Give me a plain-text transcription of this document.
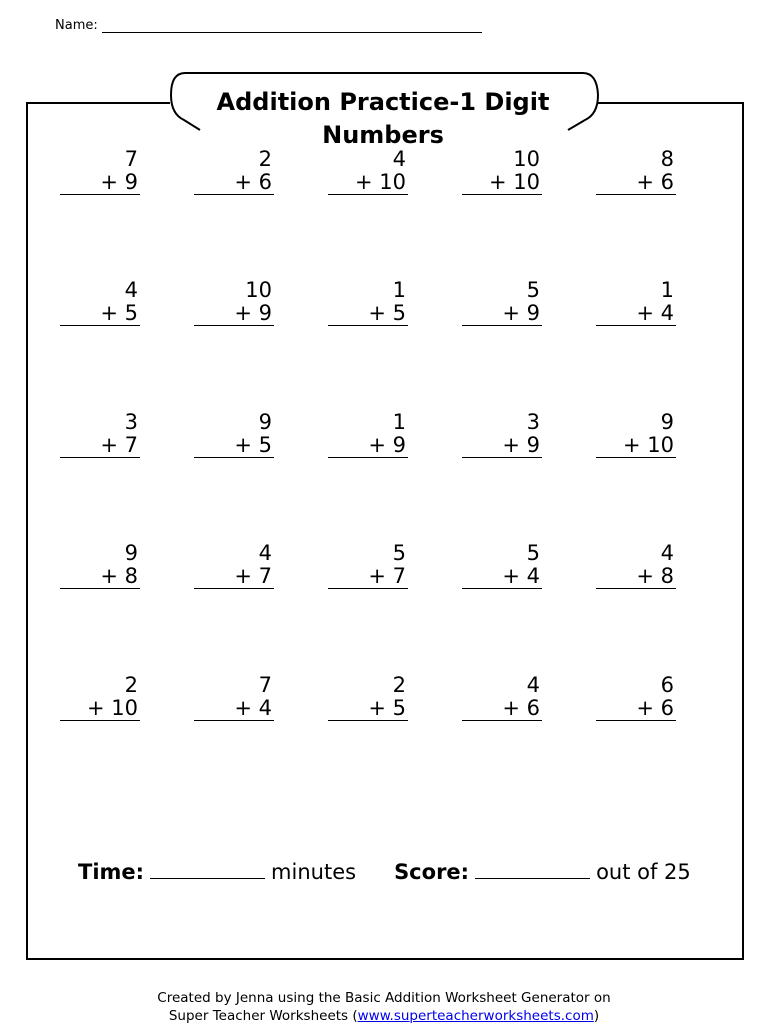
Name:
Addition Practice-1 Digit
Numbers
7
+ 9
2
+ 6
4
+ 10
10
+ 10
8
+ 6
4
+ 5
10
+ 9
1
+ 5
5
+ 9
1
+ 4
3
+ 7
9
+ 5
1
+ 9
3
+ 9
9
+ 10
9
+ 8
4
+ 7
5
+ 7
5
+ 4
4
+ 8
2
+ 10
7
+ 4
2
+ 5
4
+ 6
6
+ 6
Time:	minutes Score:	out of 25
Created by Jenna using the Basic Addition Worksheet Generator on
Super Teacher Worksheets (www.superteacherworksheets.com)
